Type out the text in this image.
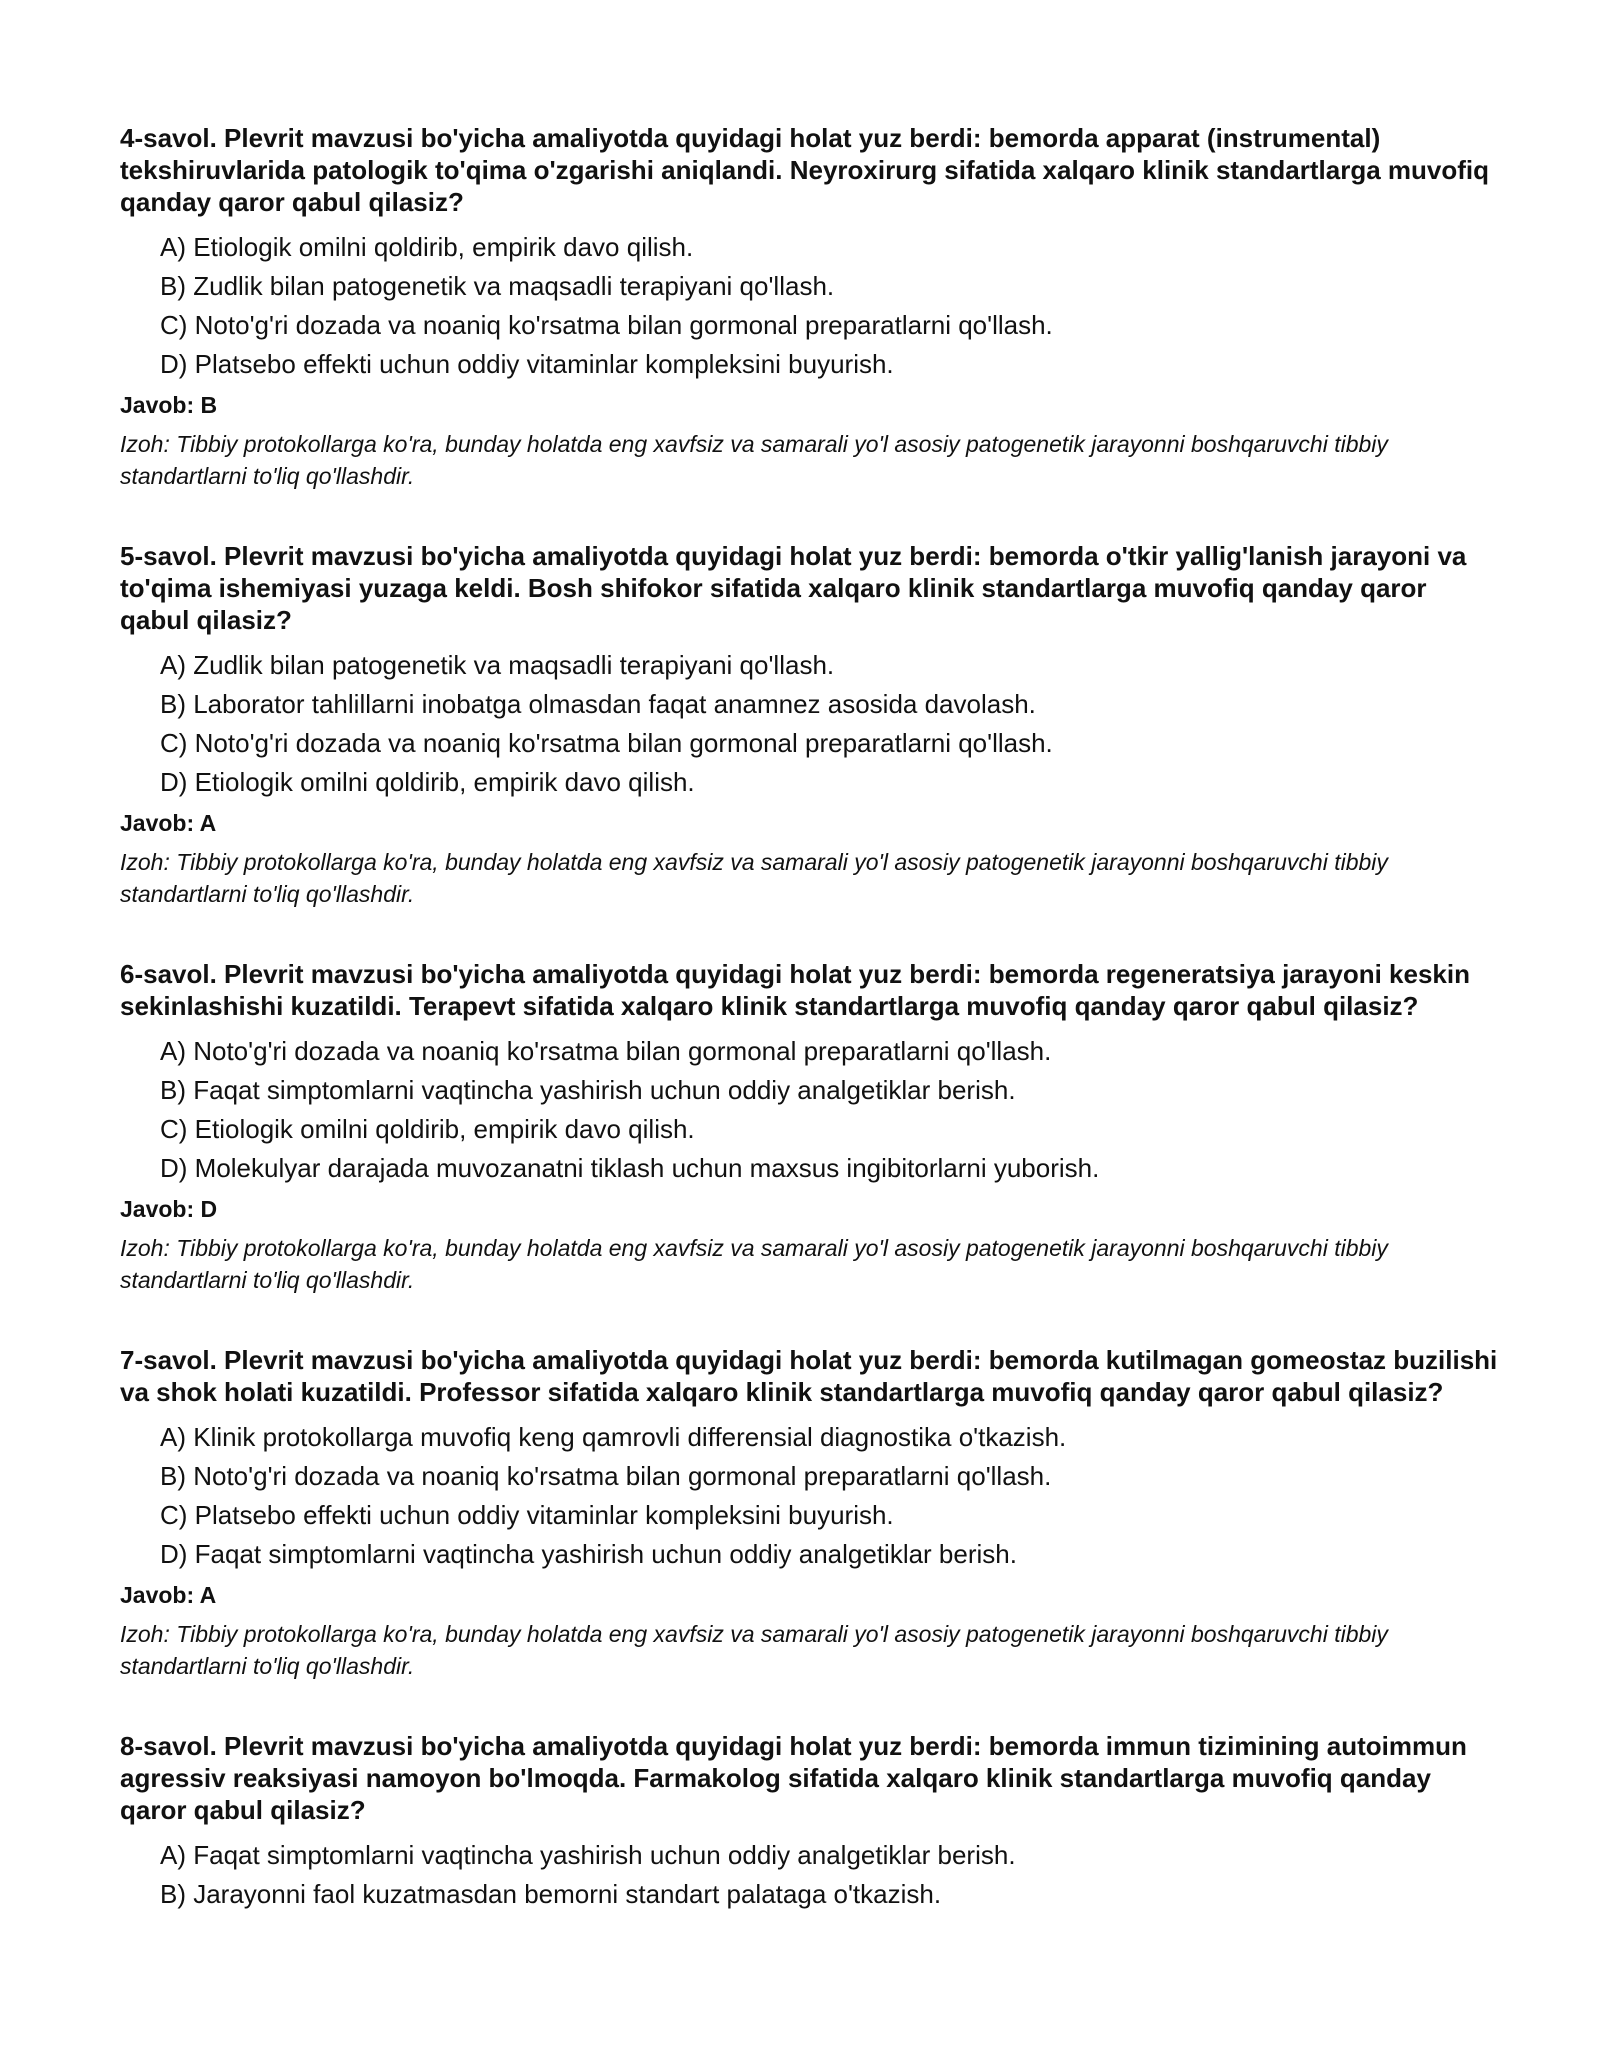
4-savol. Plevrit mavzusi bo'yicha amaliyotda quyidagi holat yuz berdi: bemorda apparat (instrumental) tekshiruvlarida patologik to'qima o'zgarishi aniqlandi. Neyroxirurg sifatida xalqaro klinik standartlarga muvofiq qanday qaror qabul qilasiz?
A) Etiologik omilni qoldirib, empirik davo qilish.
B) Zudlik bilan patogenetik va maqsadli terapiyani qo'llash.
C) Noto'g'ri dozada va noaniq ko'rsatma bilan gormonal preparatlarni qo'llash.
D) Platsebo effekti uchun oddiy vitaminlar kompleksini buyurish.
Javob: B
Izoh: Tibbiy protokollarga ko'ra, bunday holatda eng xavfsiz va samarali yo'l asosiy patogenetik jarayonni boshqaruvchi tibbiy standartlarni to'liq qo'llashdir.
5-savol. Plevrit mavzusi bo'yicha amaliyotda quyidagi holat yuz berdi: bemorda o'tkir yallig'lanish jarayoni va to'qima ishemiyasi yuzaga keldi. Bosh shifokor sifatida xalqaro klinik standartlarga muvofiq qanday qaror qabul qilasiz?
A) Zudlik bilan patogenetik va maqsadli terapiyani qo'llash.
B) Laborator tahlillarni inobatga olmasdan faqat anamnez asosida davolash.
C) Noto'g'ri dozada va noaniq ko'rsatma bilan gormonal preparatlarni qo'llash.
D) Etiologik omilni qoldirib, empirik davo qilish.
Javob: A
Izoh: Tibbiy protokollarga ko'ra, bunday holatda eng xavfsiz va samarali yo'l asosiy patogenetik jarayonni boshqaruvchi tibbiy standartlarni to'liq qo'llashdir.
6-savol. Plevrit mavzusi bo'yicha amaliyotda quyidagi holat yuz berdi: bemorda regeneratsiya jarayoni keskin sekinlashishi kuzatildi. Terapevt sifatida xalqaro klinik standartlarga muvofiq qanday qaror qabul qilasiz?
A) Noto'g'ri dozada va noaniq ko'rsatma bilan gormonal preparatlarni qo'llash.
B) Faqat simptomlarni vaqtincha yashirish uchun oddiy analgetiklar berish.
C) Etiologik omilni qoldirib, empirik davo qilish.
D) Molekulyar darajada muvozanatni tiklash uchun maxsus ingibitorlarni yuborish.
Javob: D
Izoh: Tibbiy protokollarga ko'ra, bunday holatda eng xavfsiz va samarali yo'l asosiy patogenetik jarayonni boshqaruvchi tibbiy standartlarni to'liq qo'llashdir.
7-savol. Plevrit mavzusi bo'yicha amaliyotda quyidagi holat yuz berdi: bemorda kutilmagan gomeostaz buzilishi va shok holati kuzatildi. Professor sifatida xalqaro klinik standartlarga muvofiq qanday qaror qabul qilasiz?
A) Klinik protokollarga muvofiq keng qamrovli differensial diagnostika o'tkazish.
B) Noto'g'ri dozada va noaniq ko'rsatma bilan gormonal preparatlarni qo'llash.
C) Platsebo effekti uchun oddiy vitaminlar kompleksini buyurish.
D) Faqat simptomlarni vaqtincha yashirish uchun oddiy analgetiklar berish.
Javob: A
Izoh: Tibbiy protokollarga ko'ra, bunday holatda eng xavfsiz va samarali yo'l asosiy patogenetik jarayonni boshqaruvchi tibbiy standartlarni to'liq qo'llashdir.
8-savol. Plevrit mavzusi bo'yicha amaliyotda quyidagi holat yuz berdi: bemorda immun tizimining autoimmun agressiv reaksiyasi namoyon bo'lmoqda. Farmakolog sifatida xalqaro klinik standartlarga muvofiq qanday qaror qabul qilasiz?
A) Faqat simptomlarni vaqtincha yashirish uchun oddiy analgetiklar berish.
B) Jarayonni faol kuzatmasdan bemorni standart palataga o'tkazish.
